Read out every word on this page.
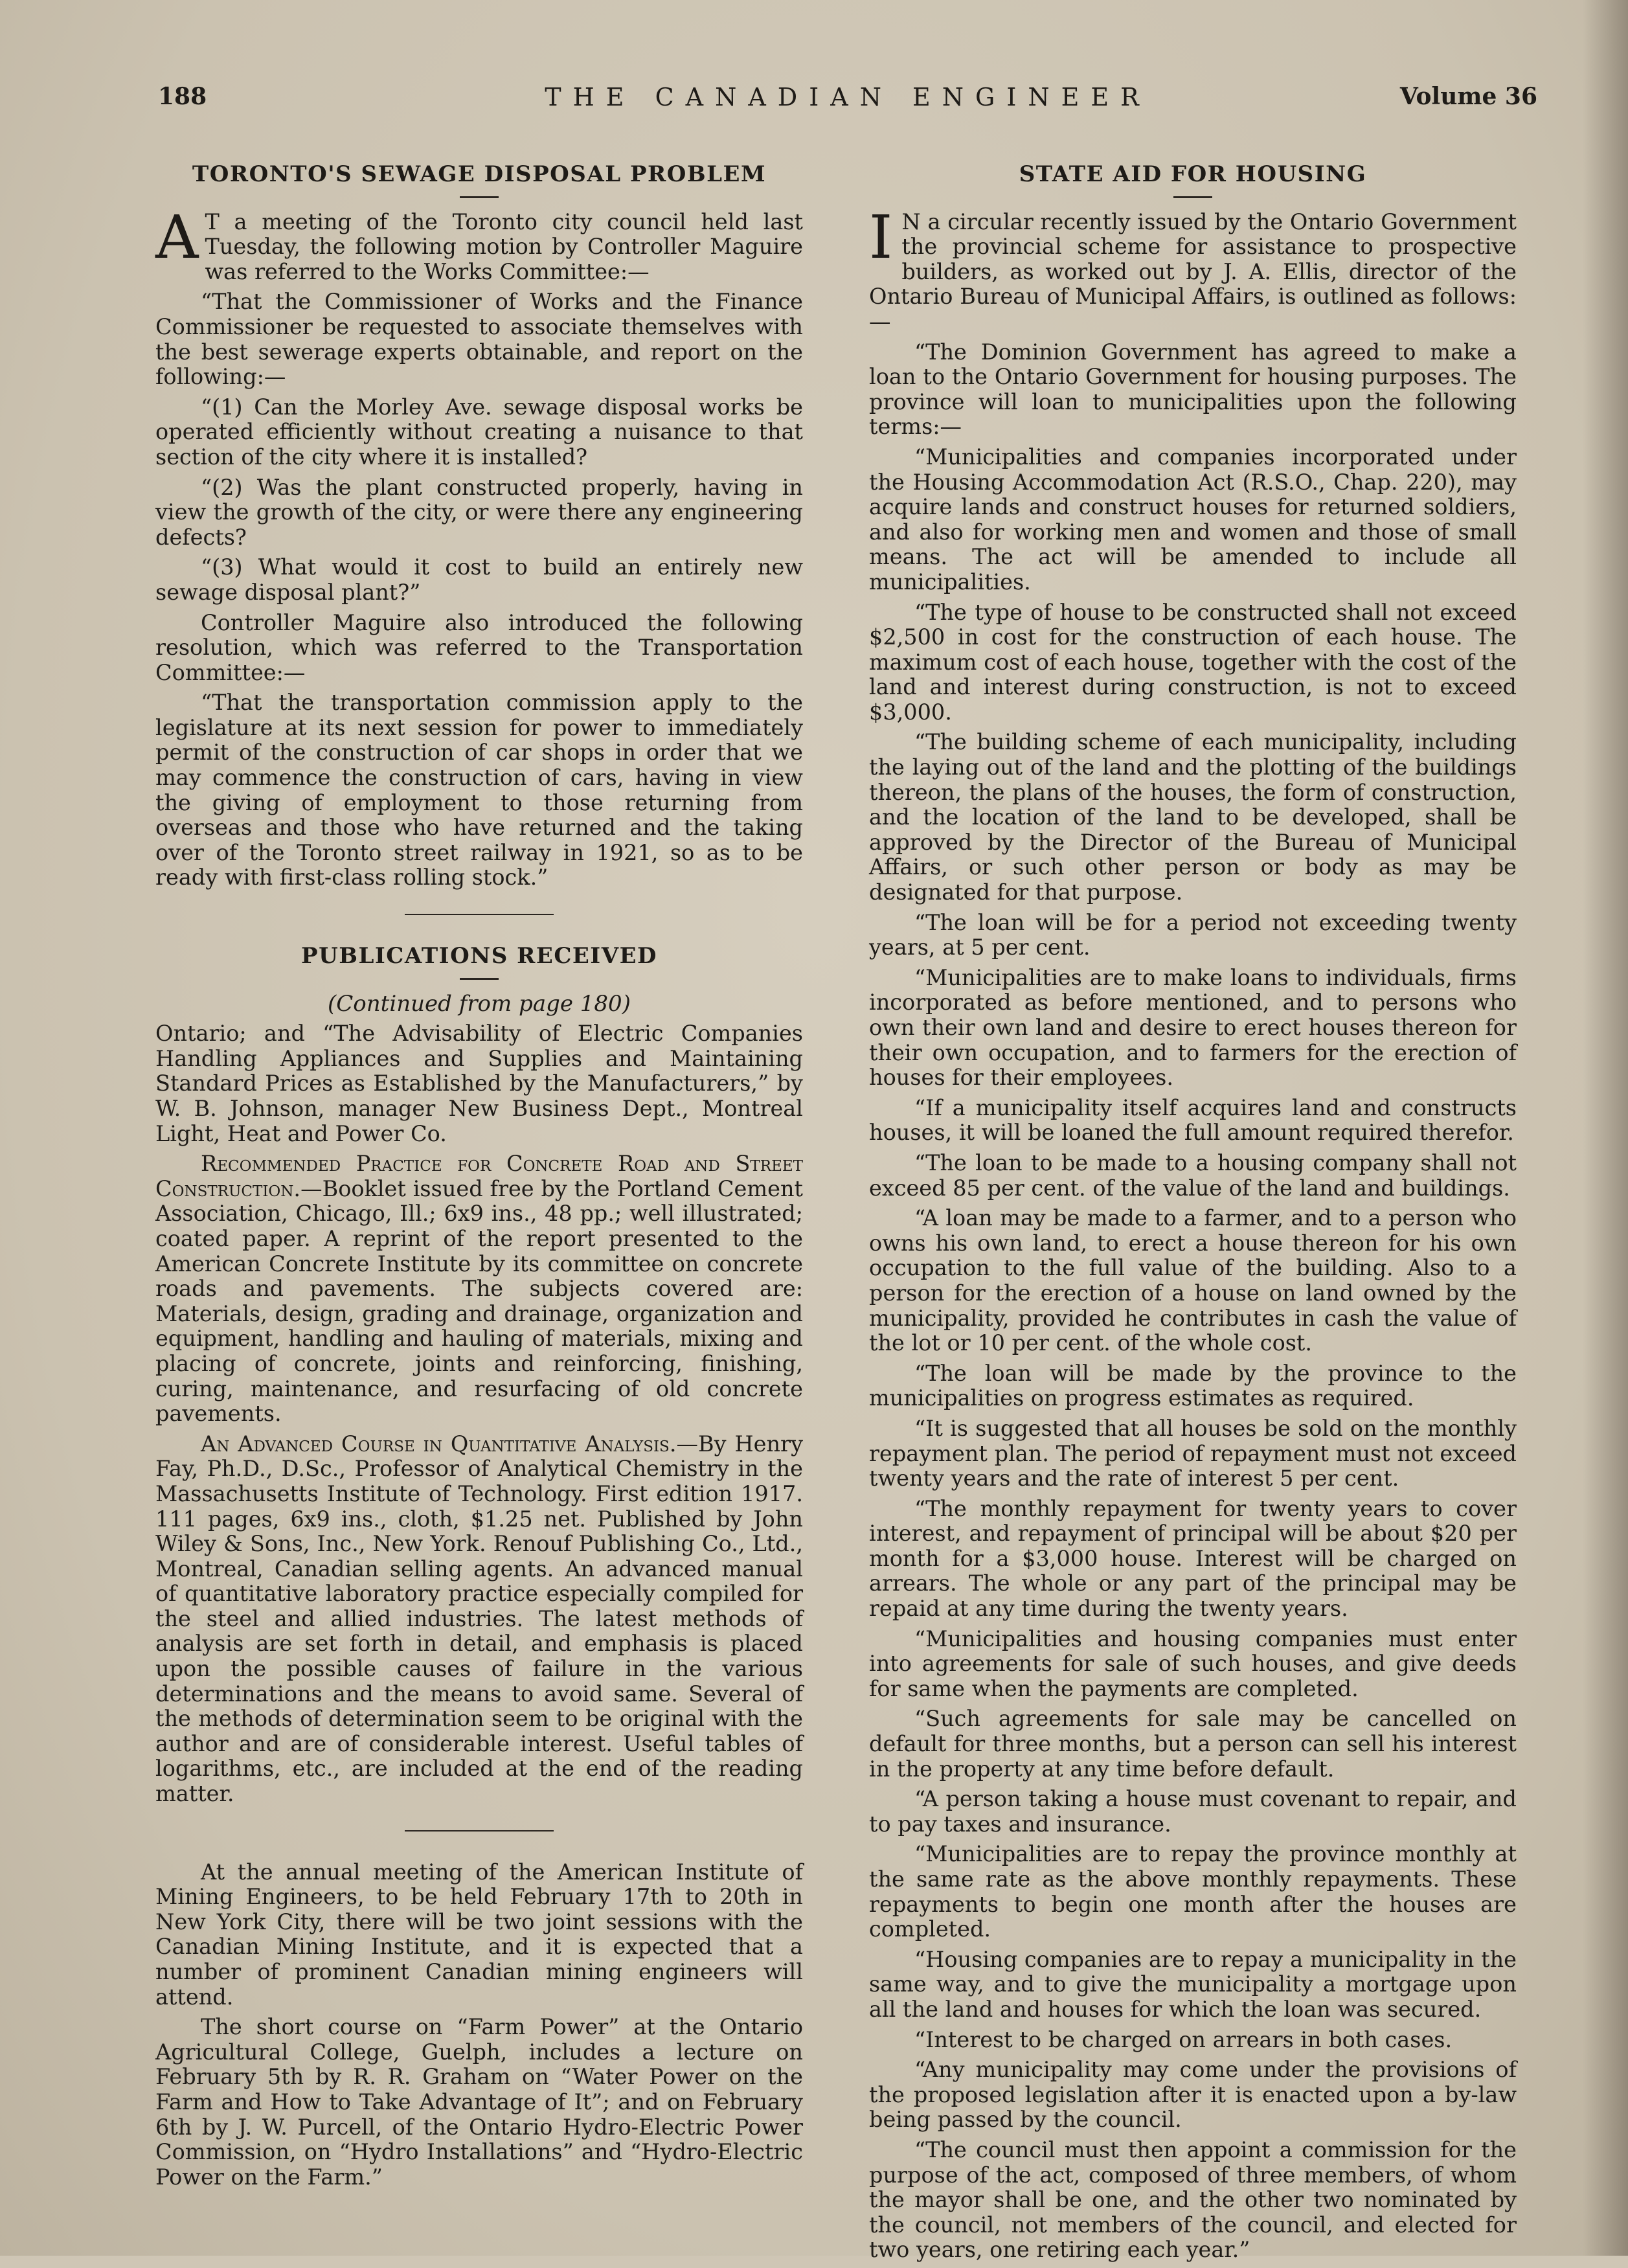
188	THE CANADIAN ENGINEER	Volume 36
TORONTO'S SEWAGE DISPOSAL PROBLEM

A T a meeting of the Toronto city council held last Tuesday, the following motion by Controller Maguire was referred to the Works Committee:—

“That the Commissioner of Works and the Finance Commissioner be requested to associate themselves with the best sewerage experts obtainable, and report on the following:—

“(1) Can the Morley Ave. sewage disposal works be operated efficiently without creating a nuisance to that section of the city where it is installed?

“(2) Was the plant constructed properly, having in view the growth of the city, or were there any engineering defects?

“(3) What would it cost to build an entirely new sewage disposal plant?”

Controller Maguire also introduced the following resolution, which was referred to the Transportation Committee:—

“That the transportation commission apply to the legislature at its next session for power to immediately permit of the construction of car shops in order that we may commence the construction of cars, having in view the giving of employment to those returning from overseas and those who have returned and the taking over of the Toronto street railway in 1921, so as to be ready with first-class rolling stock.”

PUBLICATIONS RECEIVED
(Continued from page 180)

Ontario; and “The Advisability of Electric Companies Handling Appliances and Supplies and Maintaining Standard Prices as Established by the Manufacturers,” by W. B. Johnson, manager New Business Dept., Montreal Light, Heat and Power Co.

Recommended Practice for Concrete Road and Street Construction.—Booklet issued free by the Portland Cement Association, Chicago, Ill.; 6x9 ins., 48 pp.; well illustrated; coated paper. A reprint of the report presented to the American Concrete Institute by its committee on concrete roads and pavements. The subjects covered are: Materials, design, grading and drainage, organization and equipment, handling and hauling of materials, mixing and placing of concrete, joints and reinforcing, finishing, curing, maintenance, and resurfacing of old concrete pavements.

An Advanced Course in Quantitative Analysis.—By Henry Fay, Ph.D., D.Sc., Professor of Analytical Chemistry in the Massachusetts Institute of Technology. First edition 1917. 111 pages, 6x9 ins., cloth, $1.25 net. Published by John Wiley & Sons, Inc., New York. Renouf Publishing Co., Ltd., Montreal, Canadian selling agents. An advanced manual of quantitative laboratory practice especially compiled for the steel and allied industries. The latest methods of analysis are set forth in detail, and emphasis is placed upon the possible causes of failure in the various determinations and the means to avoid same. Several of the methods of determination seem to be original with the author and are of considerable interest. Useful tables of logarithms, etc., are included at the end of the reading matter.

At the annual meeting of the American Institute of Mining Engineers, to be held February 17th to 20th in New York City, there will be two joint sessions with the Canadian Mining Institute, and it is expected that a number of prominent Canadian mining engineers will attend.

The short course on “Farm Power” at the Ontario Agricultural College, Guelph, includes a lecture on February 5th by R. R. Graham on “Water Power on the Farm and How to Take Advantage of It”; and on February 6th by J. W. Purcell, of the Ontario Hydro-Electric Power Commission, on “Hydro Installations” and “Hydro-Electric Power on the Farm.”

STATE AID FOR HOUSING

I N a circular recently issued by the Ontario Government the provincial scheme for assistance to prospective builders, as worked out by J. A. Ellis, director of the Ontario Bureau of Municipal Affairs, is outlined as follows:—

“The Dominion Government has agreed to make a loan to the Ontario Government for housing purposes. The province will loan to municipalities upon the following terms:—

“Municipalities and companies incorporated under the Housing Accommodation Act (R.S.O., Chap. 220), may acquire lands and construct houses for returned soldiers, and also for working men and women and those of small means. The act will be amended to include all municipalities.

“The type of house to be constructed shall not exceed $2,500 in cost for the construction of each house. The maximum cost of each house, together with the cost of the land and interest during construction, is not to exceed $3,000.

“The building scheme of each municipality, including the laying out of the land and the plotting of the buildings thereon, the plans of the houses, the form of construction, and the location of the land to be developed, shall be approved by the Director of the Bureau of Municipal Affairs, or such other person or body as may be designated for that purpose.

“The loan will be for a period not exceeding twenty years, at 5 per cent.

“Municipalities are to make loans to individuals, firms incorporated as before mentioned, and to persons who own their own land and desire to erect houses thereon for their own occupation, and to farmers for the erection of houses for their employees.

“If a municipality itself acquires land and constructs houses, it will be loaned the full amount required therefor.

“The loan to be made to a housing company shall not exceed 85 per cent. of the value of the land and buildings.

“A loan may be made to a farmer, and to a person who owns his own land, to erect a house thereon for his own occupation to the full value of the building. Also to a person for the erection of a house on land owned by the municipality, provided he contributes in cash the value of the lot or 10 per cent. of the whole cost.

“The loan will be made by the province to the municipalities on progress estimates as required.

“It is suggested that all houses be sold on the monthly repayment plan. The period of repayment must not exceed twenty years and the rate of interest 5 per cent.

“The monthly repayment for twenty years to cover interest, and repayment of principal will be about $20 per month for a $3,000 house. Interest will be charged on arrears. The whole or any part of the principal may be repaid at any time during the twenty years.

“Municipalities and housing companies must enter into agreements for sale of such houses, and give deeds for same when the payments are completed.

“Such agreements for sale may be cancelled on default for three months, but a person can sell his interest in the property at any time before default.

“A person taking a house must covenant to repair, and to pay taxes and insurance.

“Municipalities are to repay the province monthly at the same rate as the above monthly repayments. These repayments to begin one month after the houses are completed.

“Housing companies are to repay a municipality in the same way, and to give the municipality a mortgage upon all the land and houses for which the loan was secured.

“Interest to be charged on arrears in both cases.

“Any municipality may come under the provisions of the proposed legislation after it is enacted upon a by-law being passed by the council.

“The council must then appoint a commission for the purpose of the act, composed of three members, of whom the mayor shall be one, and the other two nominated by the council, not members of the council, and elected for two years, one retiring each year.”
